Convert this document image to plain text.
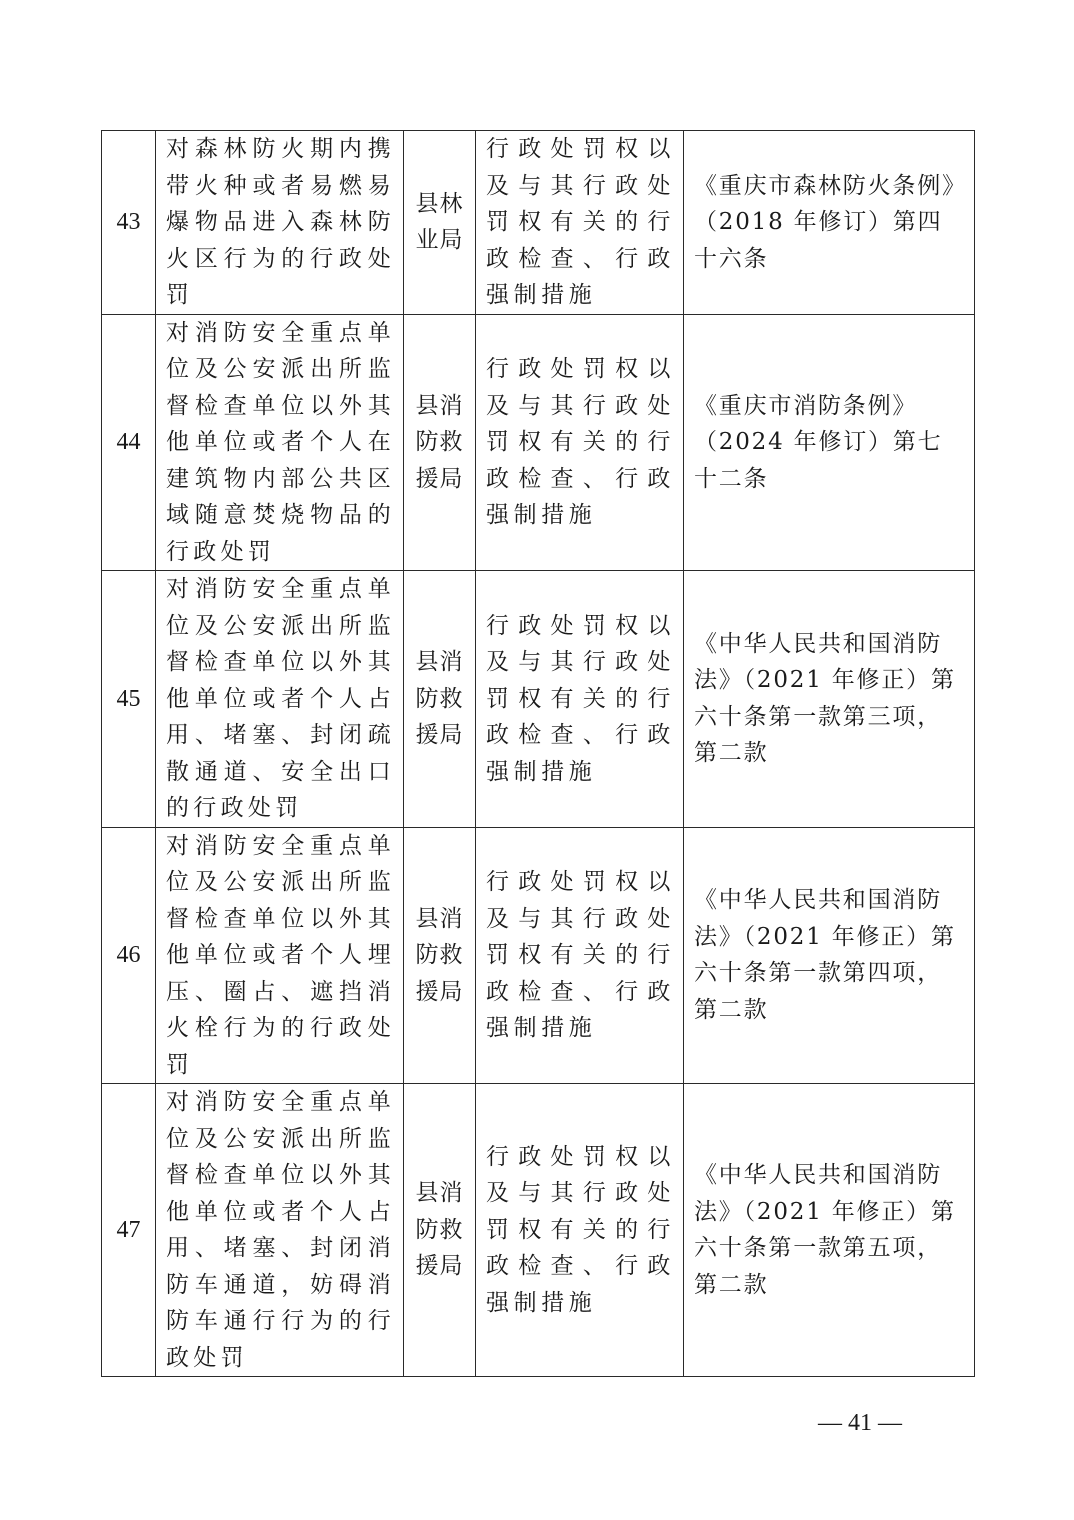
43	对森林防火期内携带火种或者易燃易爆物品进入森林防火区行为的行政处罚	县林业局	行政处罚权以及与其行政处罚权有关的行政检查、行政强制措施	《重庆市森林防火条例》（2018 年修订）第四十六条

44	对消防安全重点单位及公安派出所监督检查单位以外其他单位或者个人在建筑物内部公共区域随意焚烧物品的行政处罚	县消防救援局	行政处罚权以及与其行政处罚权有关的行政检查、行政强制措施	《重庆市消防条例》（2024 年修订）第七十二条

45	对消防安全重点单位及公安派出所监督检查单位以外其他单位或者个人占用、堵塞、封闭疏散通道、安全出口的行政处罚	县消防救援局	行政处罚权以及与其行政处罚权有关的行政检查、行政强制措施	《中华人民共和国消防法》（2021 年修正）第六十条第一款第三项，第二款

46	对消防安全重点单位及公安派出所监督检查单位以外其他单位或者个人埋压、圈占、遮挡消火栓行为的行政处罚	县消防救援局	行政处罚权以及与其行政处罚权有关的行政检查、行政强制措施	《中华人民共和国消防法》（2021 年修正）第六十条第一款第四项，第二款

47	对消防安全重点单位及公安派出所监督检查单位以外其他单位或者个人占用、堵塞、封闭消防车通道，妨碍消防车通行行为的行政处罚	县消防救援局	行政处罚权以及与其行政处罚权有关的行政检查、行政强制措施	《中华人民共和国消防法》（2021 年修正）第六十条第一款第五项，第二款
— 41 —
